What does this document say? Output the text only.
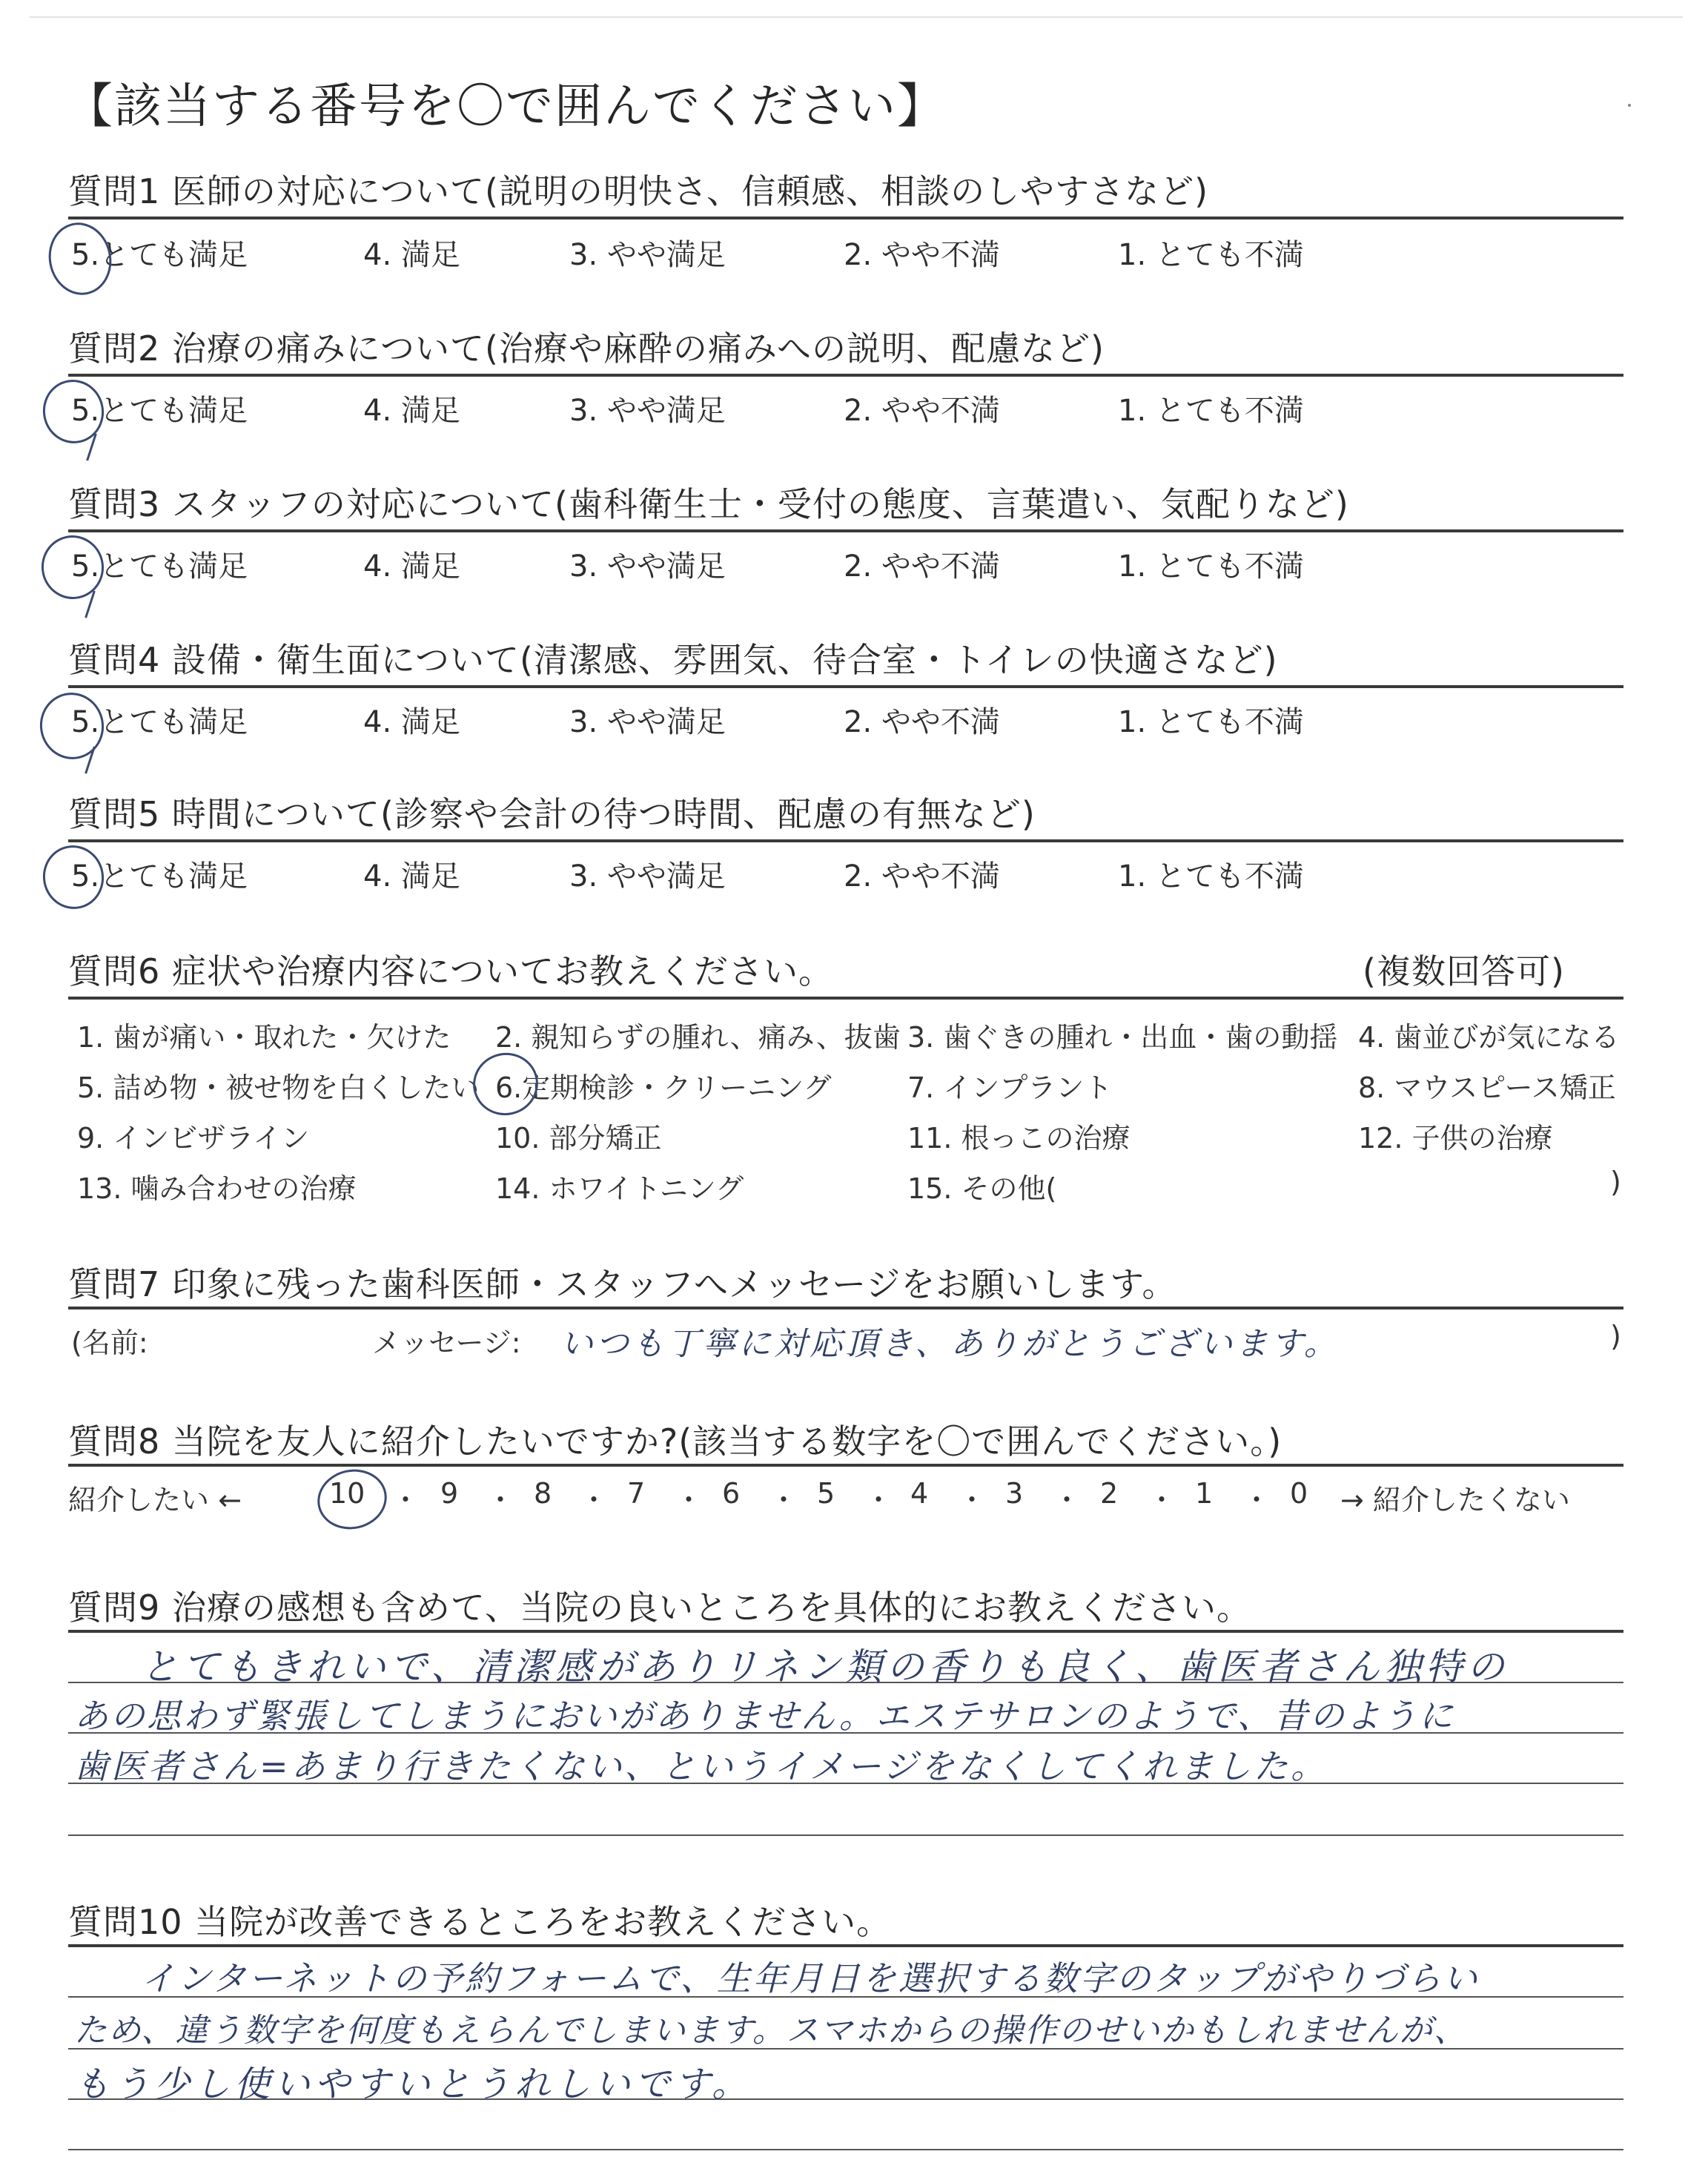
【該当する番号を〇で囲んでください】
質問1 医師の対応について(説明の明快さ、信頼感、相談のしやすさなど)
5.とても満足	4. 満足	3. やや満足	2. やや不満	1. とても不満
質問2 治療の痛みについて(治療や麻酔の痛みへの説明、配慮など)
5.とても満足	4. 満足	3. やや満足	2. やや不満	1. とても不満
質問3 スタッフの対応について(歯科衛生士・受付の態度、言葉遣い、気配りなど)
5.とても満足	4. 満足	3. やや満足	2. やや不満	1. とても不満
質問4 設備・衛生面について(清潔感、雰囲気、待合室・トイレの快適さなど)
5.とても満足	4. 満足	3. やや満足	2. やや不満	1. とても不満
質問5 時間について(診察や会計の待つ時間、配慮の有無など)
5.とても満足	4. 満足	3. やや満足	2. やや不満	1. とても不満
質問6 症状や治療内容についてお教えください。	(複数回答可)
1. 歯が痛い・取れた・欠けた 2. 親知らずの腫れ、痛み、抜歯 3. 歯ぐきの腫れ・出血・歯の動揺 4. 歯並びが気になる
5. 詰め物・被せ物を白くしたい 6.定期検診・クリーニング	7. インプラント	8. マウスピース矯正
9. インビザライン	10. 部分矯正	11. 根っこの治療	12. 子供の治療
13. 噛み合わせの治療	14. ホワイトニング	15. その他(	)
質問7 印象に残った歯科医師・スタッフへメッセージをお願いします。
(名前:	メッセージ: いつも丁寧に対応頂き、ありがとうございます。	)
質問8 当院を友人に紹介したいですか?(該当する数字を〇で囲んでください。)
紹介したい ←	10 ・ 9 ・ 8 ・ 7 ・ 6 ・ 5 ・ 4 ・ 3 ・ 2 ・ 1 ・ 0 → 紹介したくない
質問9 治療の感想も含めて、当院の良いところを具体的にお教えください。
とてもきれいで、清潔感がありリネン類の香りも良く、歯医者さん独特の
あの思わず緊張してしまうにおいがありません。エステサロンのようで、昔のように
歯医者さん=あまり行きたくない、というイメージをなくしてくれました。
質問10 当院が改善できるところをお教えください。
インターネットの予約フォームで、生年月日を選択する数字のタップがやりづらい
ため、違う数字を何度もえらんでしまいます。スマホからの操作のせいかもしれませんが、
もう少し使いやすいとうれしいです。
